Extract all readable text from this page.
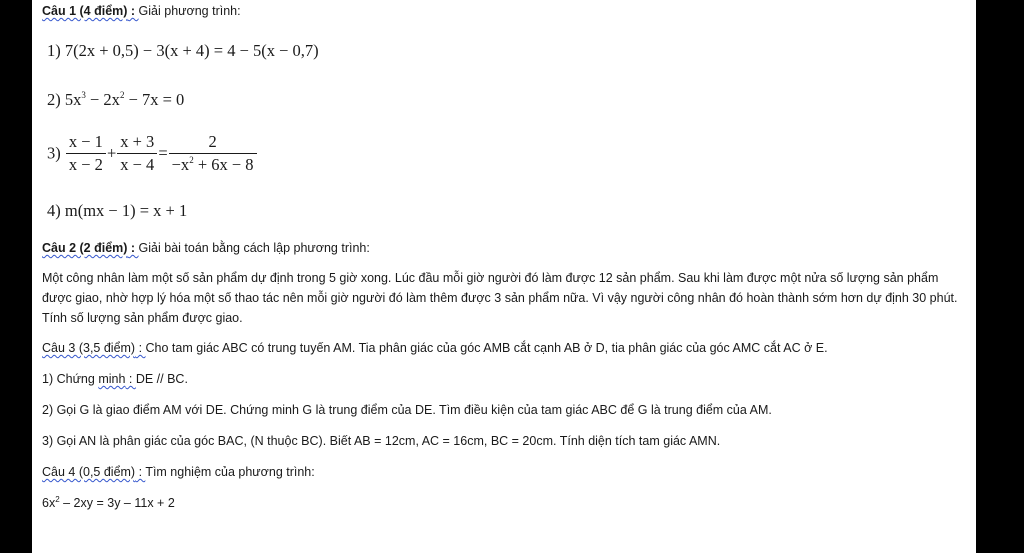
Câu 1 (4 điểm) : Giải phương trình:
1) 7(2x + 0,5) − 3(x + 4) = 4 − 5(x − 0,7)
2) $5x^3 - 2x^2 - 7x = 0$
$3) \frac{x - 1}{x - 2} + \frac{x + 3}{x - 4} = \frac{2}{-x^2 + 6x - 8}$
4) m(mx − 1) = x + 1
Câu 2 (2 điểm) : Giải bài toán bằng cách lập phương trình:
Một công nhân làm một số sản phẩm dự định trong 5 giờ xong. Lúc đầu mỗi giờ người đó làm được 12 sản phẩm. Sau khi làm được một nửa số lượng sản phẩm được giao, nhờ hợp lý hóa một số thao tác nên mỗi giờ người đó làm thêm được 3 sản phẩm nữa. Vì vậy người công nhân đó hoàn thành sớm hơn dự định 30 phút. Tính số lượng sản phẩm được giao.
Câu 3 (3,5 điểm) : Cho tam giác ABC có trung tuyến AM. Tia phân giác của góc AMB cắt cạnh AB ở D, tia phân giác của góc AMC cắt AC ở E.
1) Chứng minh : DE // BC.
2) Gọi G là giao điểm AM với DE. Chứng minh G là trung điểm của DE. Tìm điều kiện của tam giác ABC để G là trung điểm của AM.
3) Gọi AN là phân giác của góc BAC, (N thuộc BC). Biết AB = 12cm, AC = 16cm, BC = 20cm. Tính diện tích tam giác AMN.
Câu 4 (0,5 điểm) : Tìm nghiệm của phương trình:
$6x^2 - 2xy = 3y - 11x + 2$
